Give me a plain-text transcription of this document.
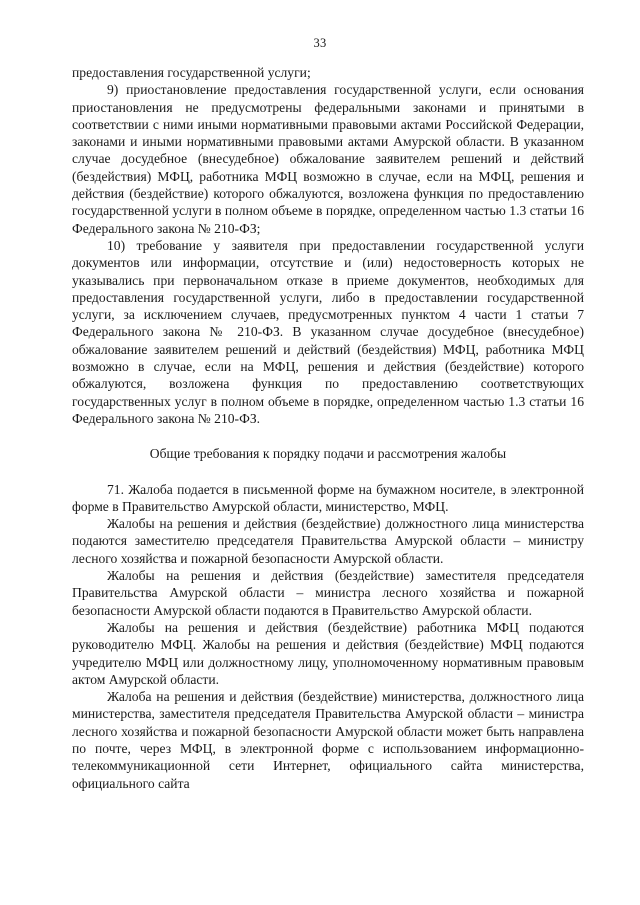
33

предоставления государственной услуги;

9) приостановление предоставления государственной услуги, если основания приостановления не предусмотрены федеральными законами и принятыми в соответствии с ними иными нормативными правовыми актами Российской Федерации, законами и иными нормативными правовыми актами Амурской области. В указанном случае досудебное (внесудебное) обжалование заявителем решений и действий (бездействия) МФЦ, работника МФЦ возможно в случае, если на МФЦ, решения и действия (бездействие) которого обжалуются, возложена функция по предоставлению государственной услуги в полном объеме в порядке, определенном частью 1.3 статьи 16 Федерального закона № 210-ФЗ;

10) требование у заявителя при предоставлении государственной услуги документов или информации, отсутствие и (или) недостоверность которых не указывались при первоначальном отказе в приеме документов, необходимых для предоставления государственной услуги, либо в предоставлении государственной услуги, за исключением случаев, предусмотренных пунктом 4 части 1 статьи 7 Федерального закона № 210-ФЗ. В указанном случае досудебное (внесудебное) обжалование заявителем решений и действий (бездействия) МФЦ, работника МФЦ возможно в случае, если на МФЦ, решения и действия (бездействие) которого обжалуются, возложена функция по предоставлению соответствующих государственных услуг в полном объеме в порядке, определенном частью 1.3 статьи 16 Федерального закона № 210-ФЗ.

Общие требования к порядку подачи и рассмотрения жалобы

71. Жалоба подается в письменной форме на бумажном носителе, в электронной форме в Правительство Амурской области, министерство, МФЦ.

Жалобы на решения и действия (бездействие) должностного лица министерства подаются заместителю председателя Правительства Амурской области – министру лесного хозяйства и пожарной безопасности Амурской области.

Жалобы на решения и действия (бездействие) заместителя председателя Правительства Амурской области – министра лесного хозяйства и пожарной безопасности Амурской области подаются в Правительство Амурской области.

Жалобы на решения и действия (бездействие) работника МФЦ подаются руководителю МФЦ. Жалобы на решения и действия (бездействие) МФЦ подаются учредителю МФЦ или должностному лицу, уполномоченному нормативным правовым актом Амурской области.

Жалоба на решения и действия (бездействие) министерства, должностного лица министерства, заместителя председателя Правительства Амурской области – министра лесного хозяйства и пожарной безопасности Амурской области может быть направлена по почте, через МФЦ, в электронной форме с использованием информационно-телекоммуникационной сети Интернет, официального сайта министерства, официального сайта
